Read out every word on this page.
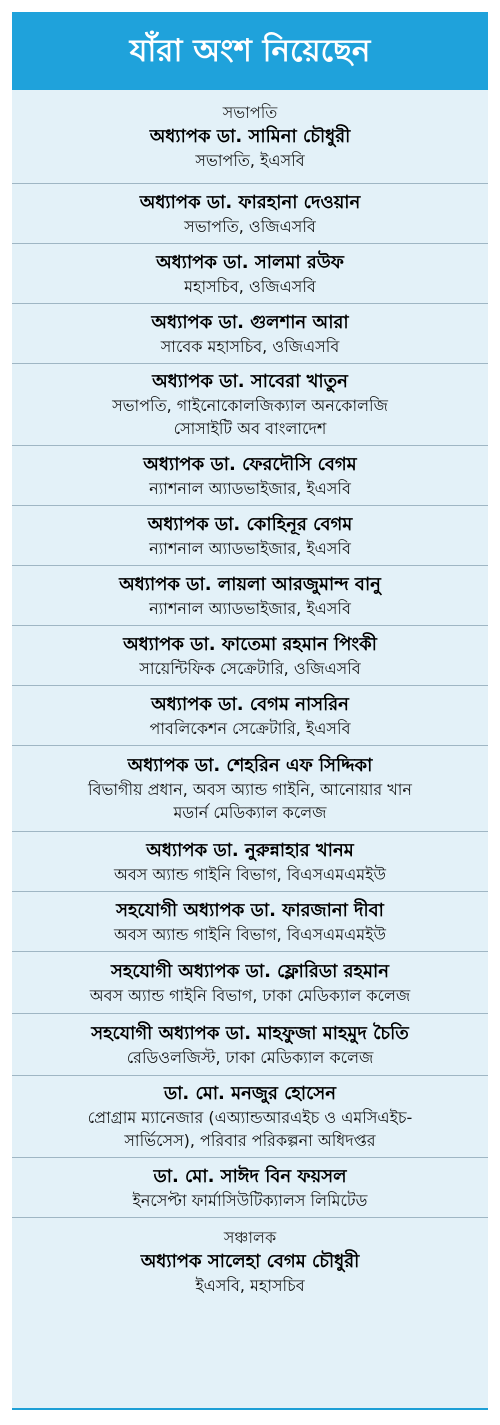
যাঁরা অংশ নিয়েছেন
সভাপতি
অধ্যাপক ডা. সামিনা চৌধুরী
সভাপতি, ইএসবি
অধ্যাপক ডা. ফারহানা দেওয়ান
সভাপতি, ওজিএসবি
অধ্যাপক ডা. সালমা রউফ
মহাসচিব, ওজিএসবি
অধ্যাপক ডা. গুলশান আরা
সাবেক মহাসচিব, ওজিএসবি
অধ্যাপক ডা. সাবেরা খাতুন
সভাপতি, গাইনোকোলজিক্যাল অনকোলজি
সোসাইটি অব বাংলাদেশ
অধ্যাপক ডা. ফেরদৌসি বেগম
ন্যাশনাল অ্যাডভাইজার, ইএসবি
অধ্যাপক ডা. কোহিনূর বেগম
ন্যাশনাল অ্যাডভাইজার, ইএসবি
অধ্যাপক ডা. লায়লা আরজুমান্দ বানু
ন্যাশনাল অ্যাডভাইজার, ইএসবি
অধ্যাপক ডা. ফাতেমা রহমান পিংকী
সায়েন্টিফিক সেক্রেটারি, ওজিএসবি
অধ্যাপক ডা. বেগম নাসরিন
পাবলিকেশন সেক্রেটারি, ইএসবি
অধ্যাপক ডা. শেহরিন এফ সিদ্দিকা
বিভাগীয় প্রধান, অবস অ্যান্ড গাইনি, আনোয়ার খান
মডার্ন মেডিক্যাল কলেজ
অধ্যাপক ডা. নুরুন্নাহার খানম
অবস অ্যান্ড গাইনি বিভাগ, বিএসএমএমইউ
সহযোগী অধ্যাপক ডা. ফারজানা দীবা
অবস অ্যান্ড গাইনি বিভাগ, বিএসএমএমইউ
সহযোগী অধ্যাপক ডা. ফ্লোরিডা রহমান
অবস অ্যান্ড গাইনি বিভাগ, ঢাকা মেডিক্যাল কলেজ
সহযোগী অধ্যাপক ডা. মাহফুজা মাহমুদ চৈতি
রেডিওলজিস্ট, ঢাকা মেডিক্যাল কলেজ
ডা. মো. মনজুর হোসেন
প্রোগ্রাম ম্যানেজার (এঅ্যান্ডআরএইচ ও এমসিএইচ-
সার্ভিসেস), পরিবার পরিকল্পনা অধিদপ্তর
ডা. মো. সাঈদ বিন ফয়সল
ইনসেপ্টা ফার্মাসিউটিক্যালস লিমিটেড
সঞ্চালক
অধ্যাপক সালেহা বেগম চৌধুরী
ইএসবি, মহাসচিব
